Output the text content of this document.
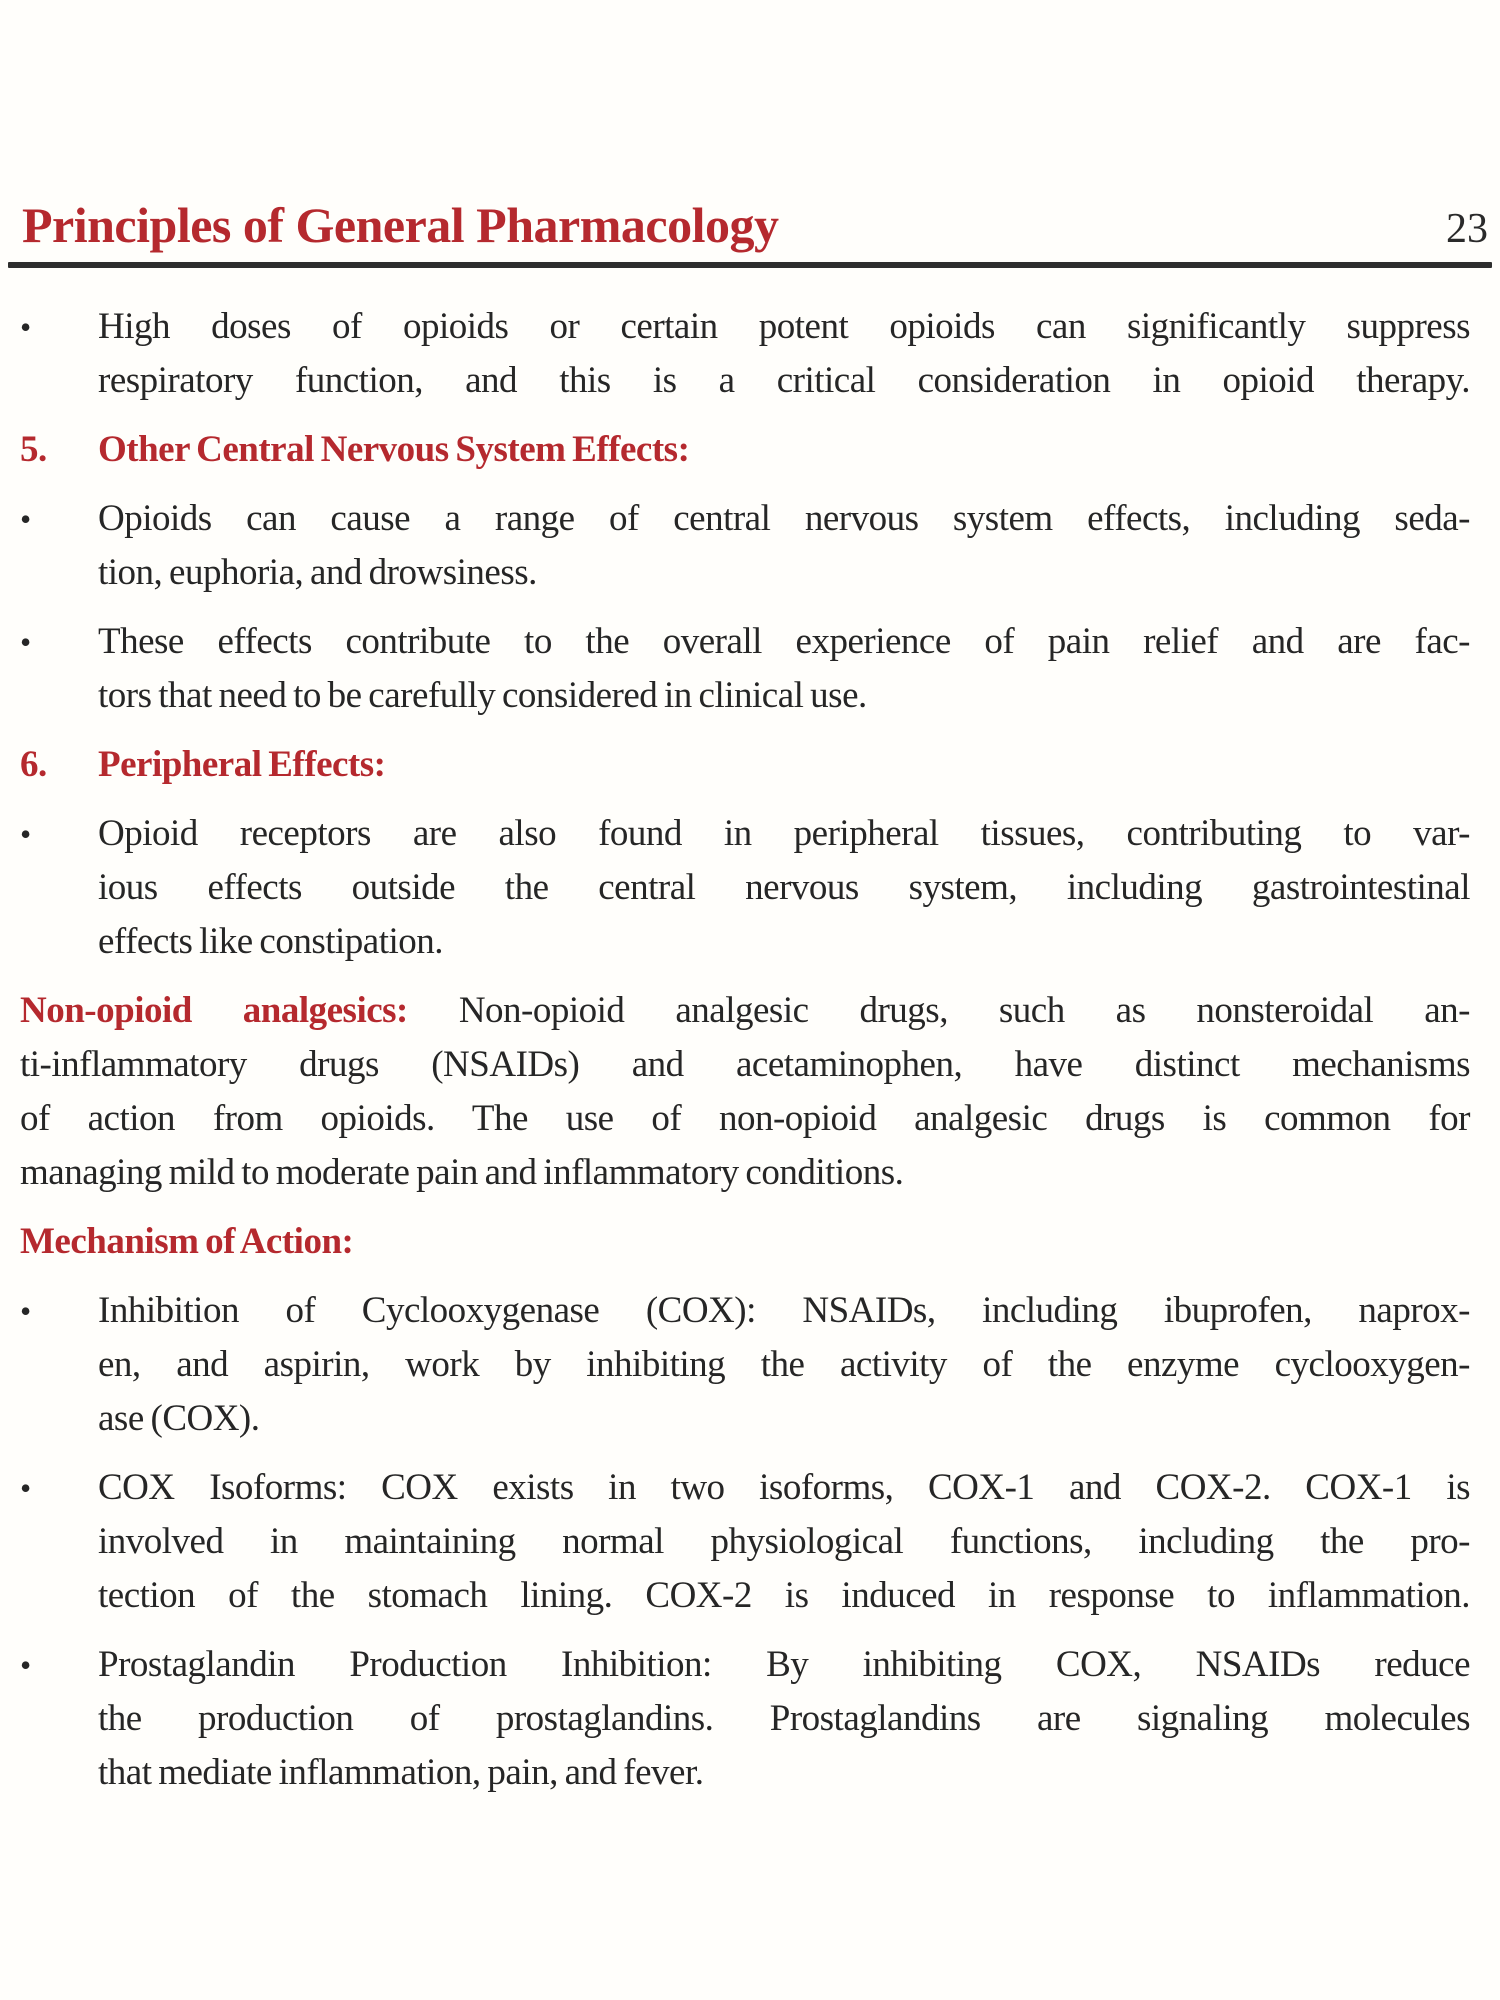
Principles of General Pharmacology	23
•	High doses of opioids or certain potent opioids can significantly suppress
respiratory function, and this is a critical consideration in opioid therapy.
5.	Other Central Nervous System Effects:
•	Opioids can cause a range of central nervous system effects, including seda-
tion, euphoria, and drowsiness.
•	These effects contribute to the overall experience of pain relief and are fac-
tors that need to be carefully considered in clinical use.
6.	Peripheral Effects:
•	Opioid receptors are also found in peripheral tissues, contributing to var-
ious effects outside the central nervous system, including gastrointestinal
effects like constipation.
Non-opioid analgesics: Non-opioid analgesic drugs, such as nonsteroidal an-
ti-inflammatory drugs (NSAIDs) and acetaminophen, have distinct mechanisms
of action from opioids. The use of non-opioid analgesic drugs is common for
managing mild to moderate pain and inflammatory conditions.
Mechanism of Action:
•	Inhibition of Cyclooxygenase (COX): NSAIDs, including ibuprofen, naprox-
en, and aspirin, work by inhibiting the activity of the enzyme cyclooxygen-
ase (COX).
•	COX Isoforms: COX exists in two isoforms, COX-1 and COX-2. COX-1 is
involved in maintaining normal physiological functions, including the pro-
tection of the stomach lining. COX-2 is induced in response to inflammation.
•	Prostaglandin Production Inhibition: By inhibiting COX, NSAIDs reduce
the production of prostaglandins. Prostaglandins are signaling molecules
that mediate inflammation, pain, and fever.
